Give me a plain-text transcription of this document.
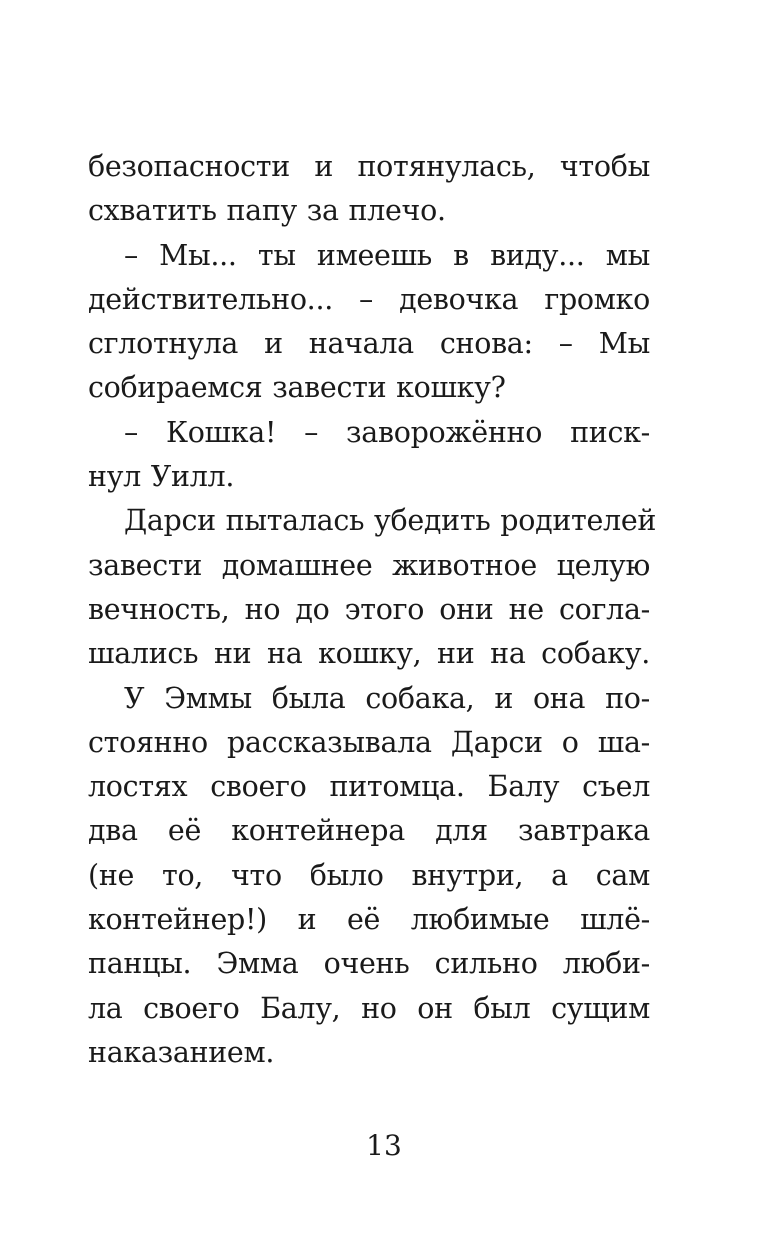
безопасности и потянулась, чтобы
схватить папу за плечо.
– Мы... ты имеешь в виду... мы
действительно... – девочка громко
сглотнула и начала снова: – Мы
собираемся завести кошку?
– Кошка! – заворожённо писк-
нул Уилл.
Дарси пыталась убедить родителей
завести домашнее животное целую
вечность, но до этого они не согла-
шались ни на кошку, ни на собаку.
У Эммы была собака, и она по-
стоянно рассказывала Дарси о ша-
лостях своего питомца. Балу съел
два её контейнера для завтрака
(не то, что было внутри, а сам
контейнер!) и её любимые шлё-
панцы. Эмма очень сильно люби-
ла своего Балу, но он был сущим
наказанием.
13
